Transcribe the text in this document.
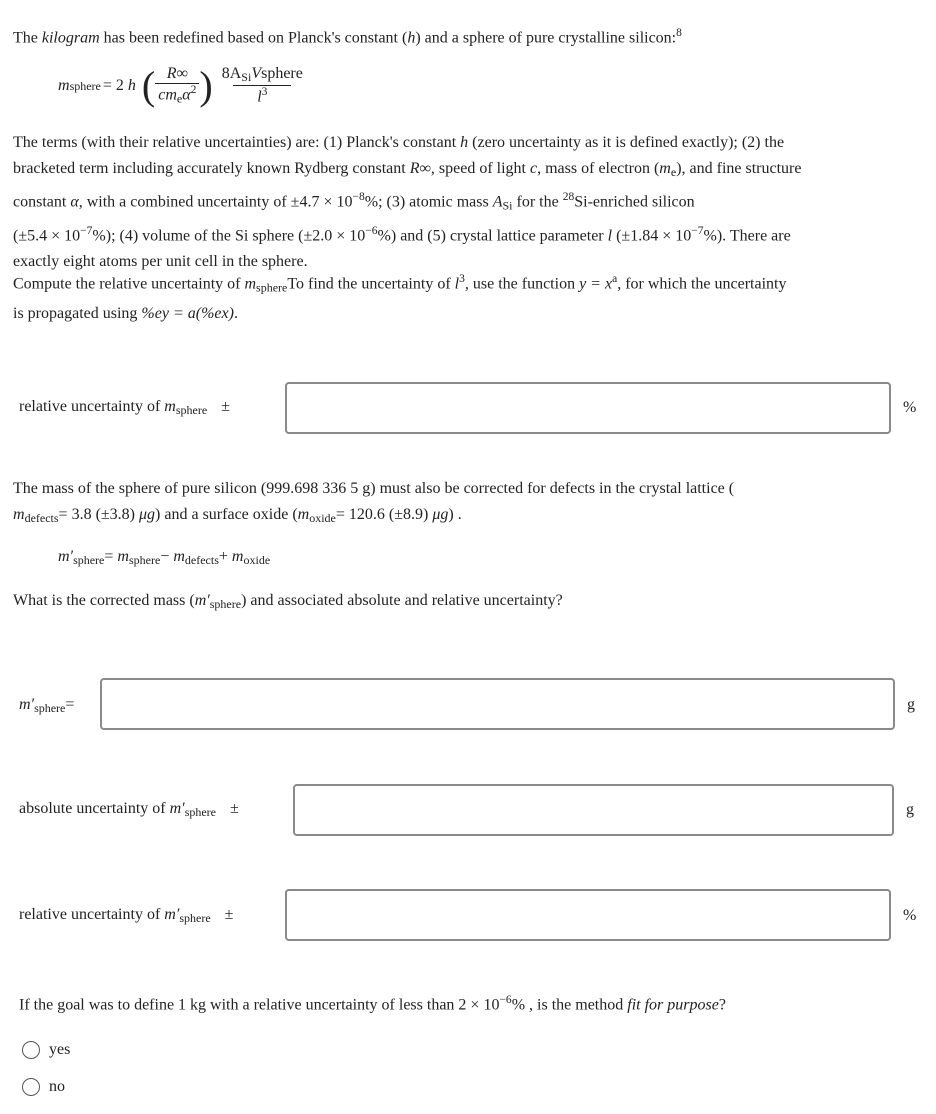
The kilogram has been redefined based on Planck's constant (h) and a sphere of pure crystalline silicon:$^8$
m sphere = 2 h ( $\frac{R\infty}{cm_e\alpha^2}$ ) $\frac{8A_{Si}Vsphere}{l^3}$
The terms (with their relative uncertainties) are: (1) Planck's constant h (zero uncertainty as it is defined exactly); (2) the
bracketed term including accurately known Rydberg constant R∞, speed of light c, mass of electron $(m_e)$, and fine structure
constant α, with a combined uncertainty of $\pm 4.7 \times 10^{-8}\%$; (3) atomic mass $A_{Si}$ for the $^{28}$Si-enriched silicon
$(\pm 5.4 \times 10^{-7}\%)$; (4) volume of the Si sphere $(\pm 2.0 \times 10^{-6}\%)$ and (5) crystal lattice parameter l $(\pm 1.84 \times 10^{-7}\%)$. There are
exactly eight atoms per unit cell in the sphere.
Compute the relative uncertainty of $m_{sphere}To$ find the uncertainty of $l^3$, use the function $y = x^a$, for which the uncertainty
is propagated using %ey = a(%ex).
relative uncertainty of $m_{sphere}$ ±	%
The mass of the sphere of pure silicon (999.698 336 5 g) must also be corrected for defects in the crystal lattice (
$m_{defects}= 3.8$ (±3.8) μg) and a surface oxide ($m_{oxide}= 120.6$ (±8.9) μg) .
$m'_{sphere}= m_{sphere}- m_{defects}+ m_{oxide}$
What is the corrected mass $(m'_{sphere})$ and associated absolute and relative uncertainty?
$m'_{sphere}=$	g
absolute uncertainty of $m'_{sphere}$ ±	g
relative uncertainty of $m'_{sphere}$ ±	%
If the goal was to define 1 kg with a relative uncertainty of less than $2 \times 10^{-6}\%$ , is the method fit for purpose?
yes
no
